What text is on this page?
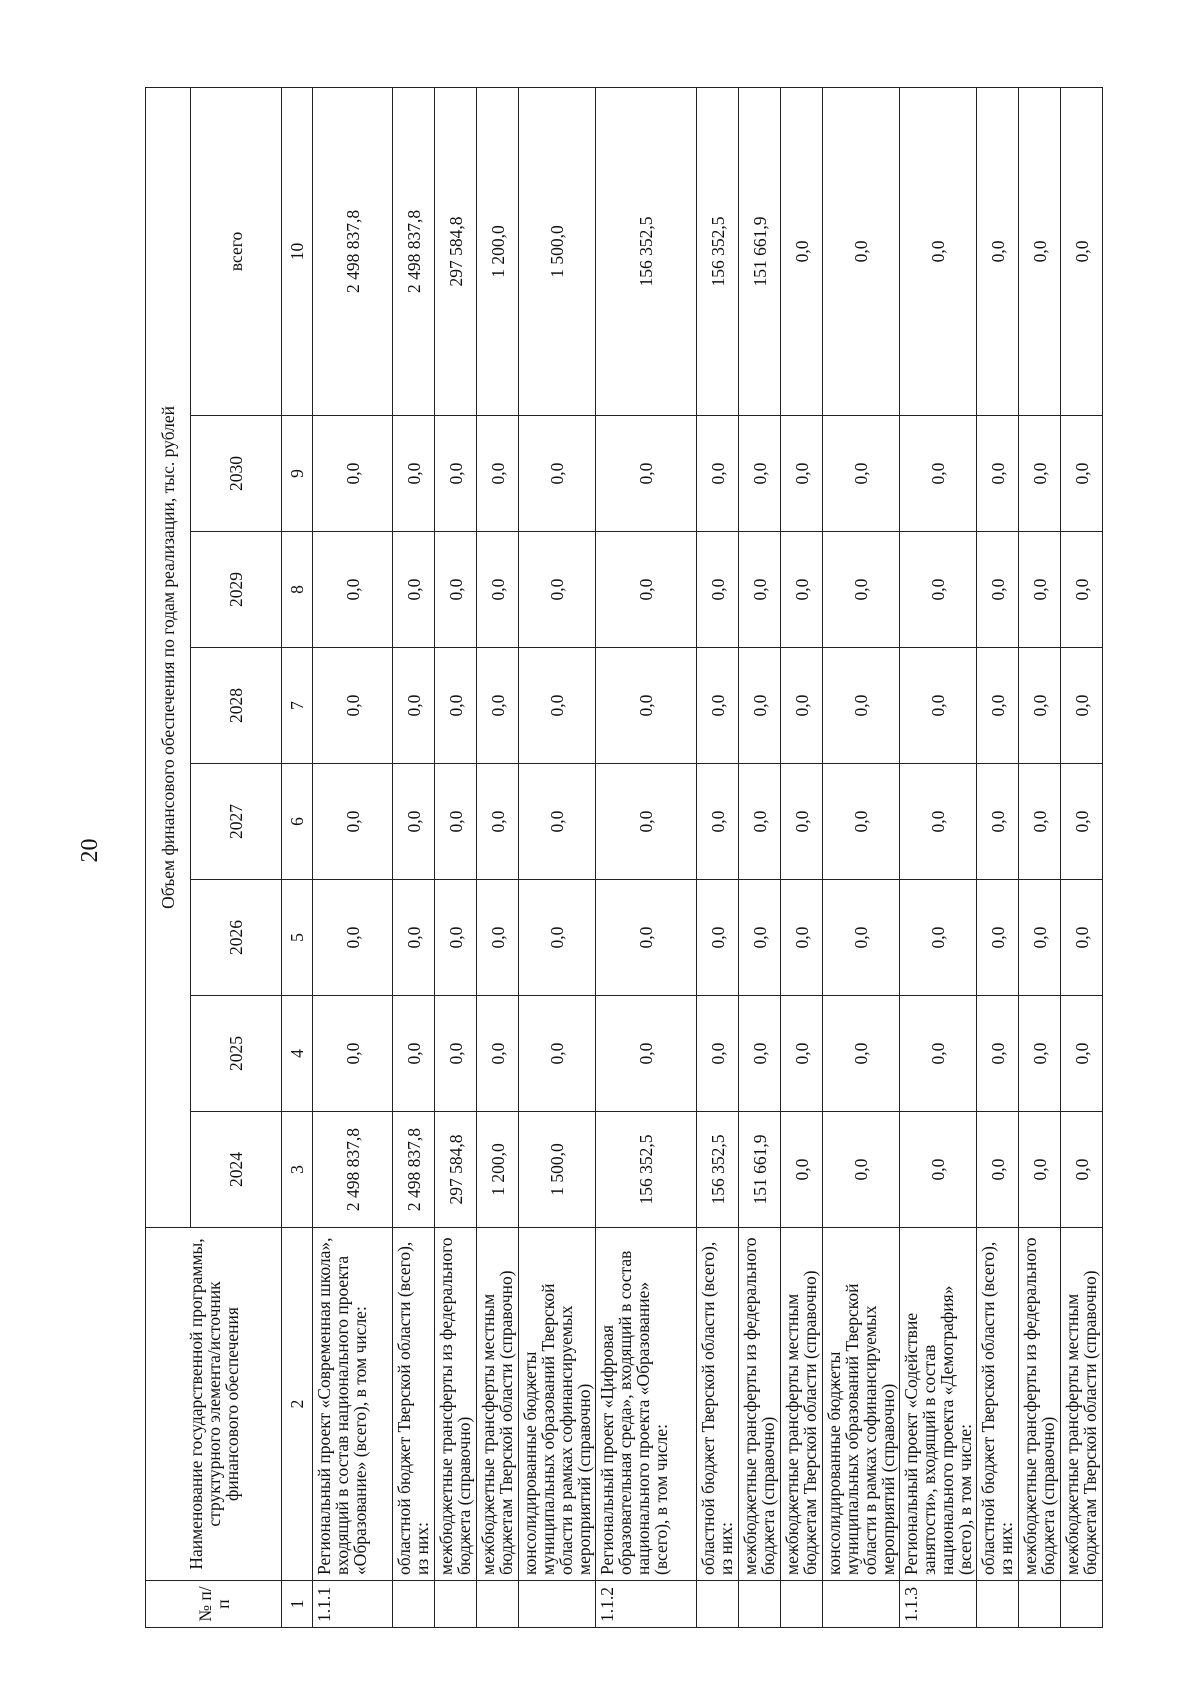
20
№ п/п	Наименование государственной программы, структурного элемента/источник финансового обеспечения	Объем финансового обеспечения по годам реализации, тыс. рублей							
		2024	2025	2026	2027	2028	2029	2030	всего
1	2	3	4	5	6	7	8	9	10
1.1.1	Региональный проект «Современная школа», входящий в состав национального проекта «Образование» (всего), в том числе:	2 498 837,8	0,0	0,0	0,0	0,0	0,0	0,0	2 498 837,8
	областной бюджет Тверской области (всего), из них:	2 498 837,8	0,0	0,0	0,0	0,0	0,0	0,0	2 498 837,8
	межбюджетные трансферты из федерального бюджета (справочно)	297 584,8	0,0	0,0	0,0	0,0	0,0	0,0	297 584,8
	межбюджетные трансферты местным бюджетам Тверской области (справочно)	1 200,0	0,0	0,0	0,0	0,0	0,0	0,0	1 200,0
	консолидированные бюджеты муниципальных образований Тверской области в рамках софинансируемых мероприятий (справочно)	1 500,0	0,0	0,0	0,0	0,0	0,0	0,0	1 500,0
1.1.2	Региональный проект «Цифровая образовательная среда», входящий в состав национального проекта «Образование» (всего), в том числе:	156 352,5	0,0	0,0	0,0	0,0	0,0	0,0	156 352,5
	областной бюджет Тверской области (всего), из них:	156 352,5	0,0	0,0	0,0	0,0	0,0	0,0	156 352,5
	межбюджетные трансферты из федерального бюджета (справочно)	151 661,9	0,0	0,0	0,0	0,0	0,0	0,0	151 661,9
	межбюджетные трансферты местным бюджетам Тверской области (справочно)	0,0	0,0	0,0	0,0	0,0	0,0	0,0	0,0
	консолидированные бюджеты муниципальных образований Тверской области в рамках софинансируемых мероприятий (справочно)	0,0	0,0	0,0	0,0	0,0	0,0	0,0	0,0
1.1.3	Региональный проект «Содействие занятости», входящий в состав национального проекта «Демография» (всего), в том числе:	0,0	0,0	0,0	0,0	0,0	0,0	0,0	0,0
	областной бюджет Тверской области (всего), из них:	0,0	0,0	0,0	0,0	0,0	0,0	0,0	0,0
	межбюджетные трансферты из федерального бюджета (справочно)	0,0	0,0	0,0	0,0	0,0	0,0	0,0	0,0
	межбюджетные трансферты местным бюджетам Тверской области (справочно)	0,0	0,0	0,0	0,0	0,0	0,0	0,0	0,0
